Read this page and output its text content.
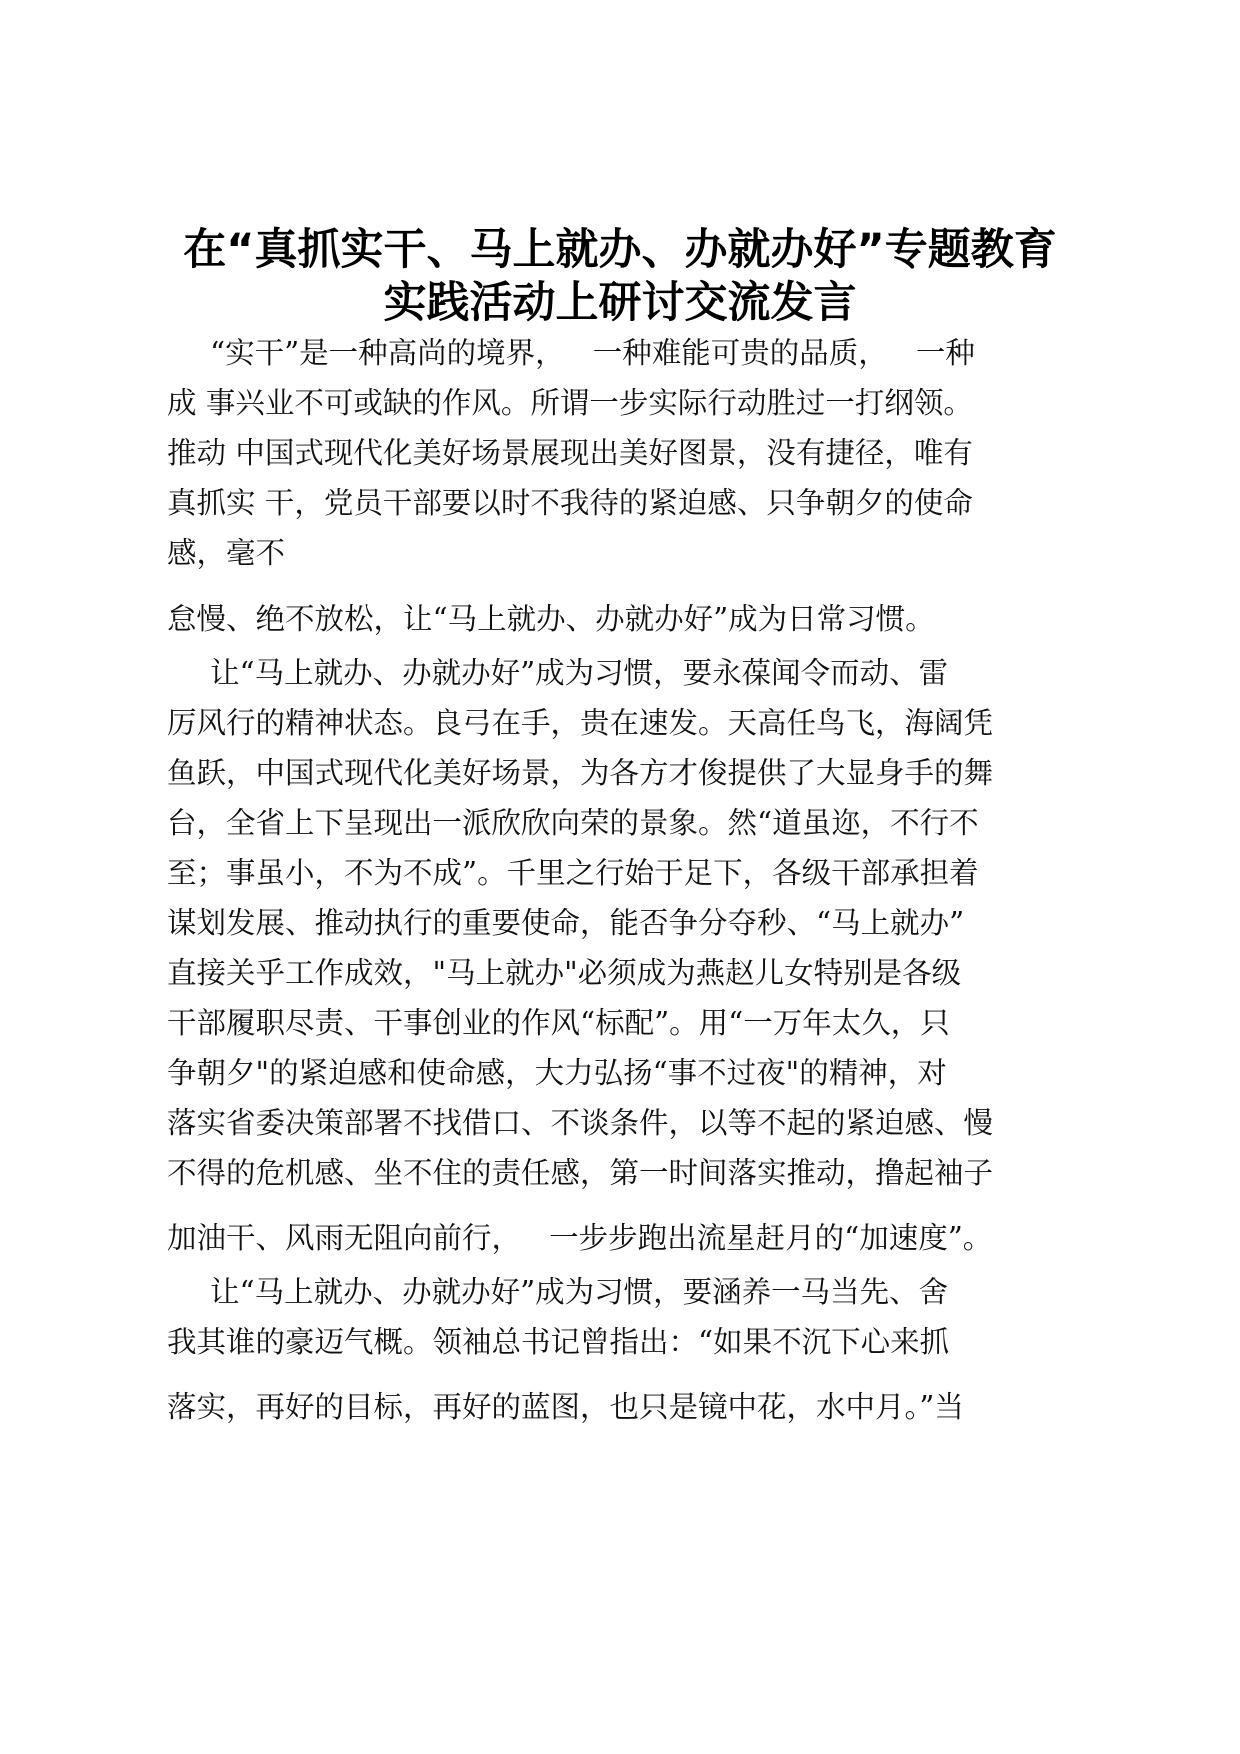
在“真抓实干、马上就办、办就办好”专题教育
实践活动上研讨交流发言
“实干”是一种高尚的境界，   一种难能可贵的品质，   一种
成 事兴业不可或缺的作风。所谓一步实际行动胜过一打纲领。
推动 中国式现代化美好场景展现出美好图景，没有捷径，唯有
真抓实 干，党员干部要以时不我待的紧迫感、只争朝夕的使命
感，毫不
怠慢、绝不放松，让“马上就办、办就办好”成为日常习惯。
让“马上就办、办就办好”成为习惯，要永葆闻令而动、雷
厉风行的精神状态。良弓在手，贵在速发。天高任鸟飞，海阔凭
鱼跃，中国式现代化美好场景，为各方才俊提供了大显身手的舞
台，全省上下呈现出一派欣欣向荣的景象。然“道虽迩，不行不
至；事虽小，不为不成”。千里之行始于足下，各级干部承担着
谋划发展、推动执行的重要使命，能否争分夺秒、“马上就办”
直接关乎工作成效，"马上就办"必须成为燕赵儿女特别是各级
干部履职尽责、干事创业的作风“标配”。用“一万年太久，只
争朝夕"的紧迫感和使命感，大力弘扬“事不过夜"的精神，对
落实省委决策部署不找借口、不谈条件，以等不起的紧迫感、慢
不得的危机感、坐不住的责任感，第一时间落实推动，撸起袖子
加油干、风雨无阻向前行，   一步步跑出流星赶月的“加速度”。
让“马上就办、办就办好”成为习惯，要涵养一马当先、舍
我其谁的豪迈气概。领袖总书记曾指出：“如果不沉下心来抓
落实，再好的目标，再好的蓝图，也只是镜中花，水中月。”当
